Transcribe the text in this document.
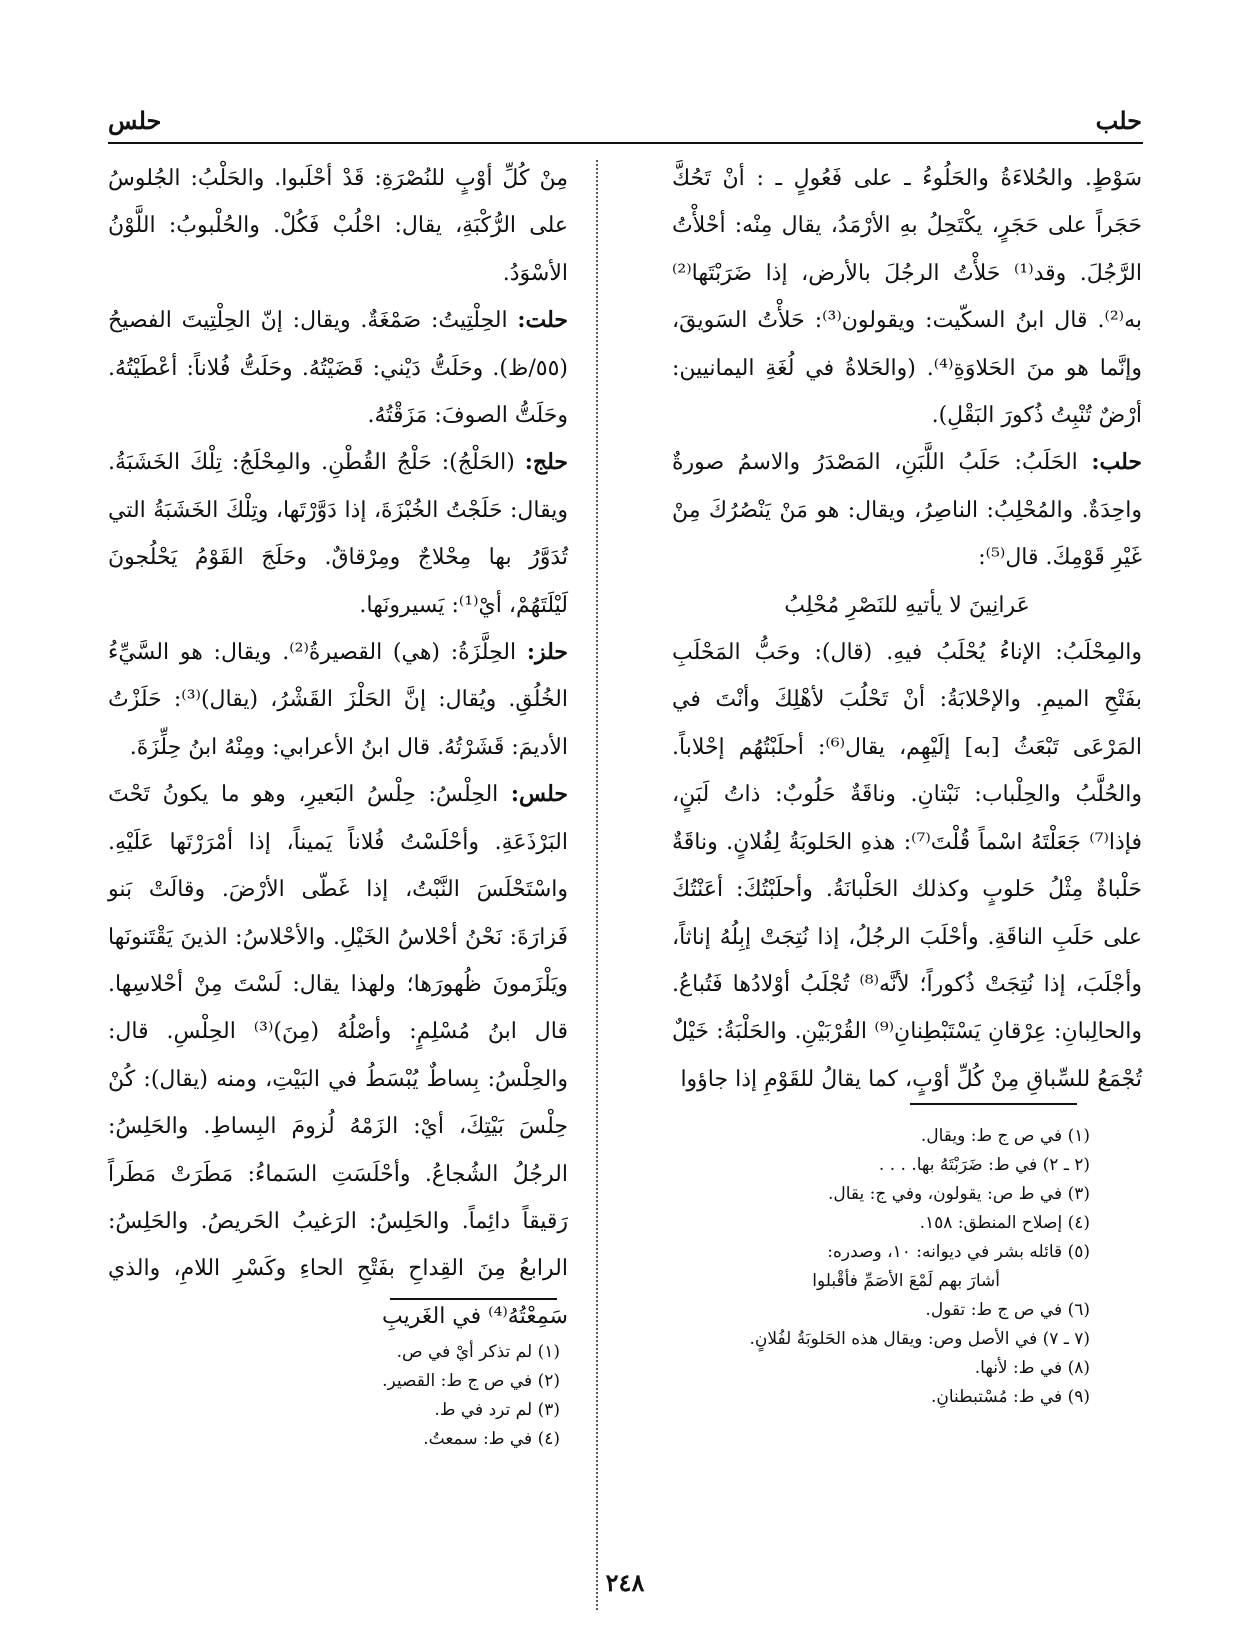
حلب
حلس

سَوْطٍ. والحُلاءَةُ والحَلُوءُ ـ على فَعُولٍ ـ : أنْ تَحُكَّ حَجَراً على حَجَرٍ، يكْتَحِلُ بهِ الأرْمَدُ، يقال مِنْه: أحْلأْتُ الرَّجُلَ. وقد⁽¹⁾ حَلأْتُ الرجُلَ بالأرض، إذا ضَرَبْتَها⁽²⁾ به⁽²⁾. قال ابنُ السكّيت: ويقولون⁽³⁾: حَلأْتُ السَويقَ، وإنَّما هو منَ الحَلاوَةِ⁽⁴⁾. (والحَلاةُ في لُغَةِ اليمانيين: أرْضٌ تُنْبِتُ ذُكورَ البَقْلِ).

حلب: الحَلَبُ: حَلَبُ اللَّبَنِ، المَصْدَرُ والاسمُ صورةٌ واحِدَةٌ. والمُحْلِبُ: الناصِرُ، ويقال: هو مَنْ يَنْصُرُكَ مِنْ غَيْرِ قَوْمِكَ. قال⁽⁵⁾:

عَرانِينَ لا يأتيهِ للنَصْرِ مُحْلِبُ

والمِحْلَبُ: الإناءُ يُحْلَبُ فيهِ. (قال): وحَبُّ المَحْلَبِ بفَتْحِ الميمِ. والإحْلابَةُ: أنْ تَحْلُبَ لأهْلِكَ وأنْتَ في المَرْعَى تَبْعَثُ [به] إلَيْهِم، يقال⁽⁶⁾: أحلَبْتُهُم إحْلاباً. والحُلَّبُ والحِلْباب: نَبْتانِ. وناقَةٌ حَلُوبٌ: ذاتُ لَبَنٍ، فإذا⁽⁷⁾ جَعَلْتَهُ اسْماً قُلْتَ⁽⁷⁾: هذهِ الحَلوبَةُ لِفُلانٍ. وناقَةٌ حَلْباةٌ مِثْلُ حَلوبٍ وكذلك الحَلْبانَةُ. وأحلَبْتُكَ: أعَنْتُكَ على حَلَبِ الناقَةِ. وأحْلَبَ الرجُلُ، إذا نُتِجَتْ إبِلُهُ إناثاً، وأجْلَبَ، إذا نُتِجَتْ ذُكوراً؛ لأنَّه⁽⁸⁾ تُجْلَبُ أوْلادُها فَتُباعُ. والحالِبانِ: عِرْقانِ يَسْتَبْطِنانِ⁽⁹⁾ القُرْبَيْنِ. والحَلْبَةُ: خَيْلٌ تُجْمَعُ للسِّباقِ مِنْ كُلِّ أوْبٍ، كما يقالُ للقَوْمِ إذا جاؤوا

مِنْ كُلِّ أوْبٍ للنُصْرَةِ: قَدْ أحْلَبوا. والحَلْبُ: الجُلوسُ على الرُّكْبَةِ، يقال: احْلُبْ فَكُلْ. والحُلْبوبُ: اللَّوْنُ الأسْوَدُ.

حلت: الحِلْتِيتُ: صَمْغَةٌ. ويقال: إنّ الحِلْتِيتَ الفصيحُ (٥٥/ظ). وحَلَتُّ دَيْني: قَضَيْتُهُ. وحَلَتُّ فُلاناً: أعْطَيْتُهُ. وحَلَتُّ الصوفَ: مَزَقْتُهُ.

حلج: (الحَلْجُ): حَلْجُ القُطْنِ. والمِحْلَجُ: تِلْكَ الخَشَبَةُ. ويقال: حَلَجْتُ الخُبْزَةَ، إذا دَوَّرْتَها، وتِلْكَ الخَشَبَةُ التي تُدَوَّرُ بها مِحْلاجٌ ومِرْقاقٌ. وحَلَجَ القَوْمُ يَحْلُجونَ لَيْلَتَهُمْ، أيْ⁽¹⁾: يَسيرونَها.

حلز: الحِلَّزَةُ: (هي) القصيرةُ⁽²⁾. ويقال: هو السَّيِّءُ الخُلُقِ. ويُقال: إنَّ الحَلْزَ القَشْرُ، (يقال)⁽³⁾: حَلَزْتُ الأديمَ: قَشَرْتُهُ. قال ابنُ الأعرابي: ومِنْهُ ابنُ حِلِّزَةَ.

حلس: الحِلْسُ: حِلْسُ البَعيرِ، وهو ما يكونُ تَحْتَ البَرْذَعَةِ. وأحْلَسْتُ فُلاناً يَميناً، إذا أمْرَرْتَها عَلَيْهِ. واسْتَحْلَسَ النَّبْتُ، إذا غَطّى الأرْضَ. وقالَتْ بَنو فَزارَةَ: نَحْنُ أحْلاسُ الخَيْلِ. والأحْلاسُ: الذينَ يَقْتَنونَها ويَلْزَمونَ ظُهورَها؛ ولهذا يقال: لَسْتَ مِنْ أحْلاسِها. قال ابنُ مُسْلِمٍ: وأصْلُهُ (مِنَ)⁽³⁾ الحِلْسِ. قال: والحِلْسُ: بِساطٌ يُبْسَطُ في البَيْتِ، ومنه (يقال): كُنْ حِلْسَ بَيْتِكَ، أيْ: الزَمْهُ لُزومَ البِساطِ. والحَلِسُ: الرجُلُ الشُجاعُ. وأحْلَسَتِ السَماءُ: مَطَرَتْ مَطَراً رَقيقاً دائِماً. والحَلِسُ: الرَغيبُ الحَريصُ. والحَلِسُ: الرابعُ مِنَ القِداحِ بفَتْحِ الحاءِ وكَسْرِ اللامِ، والذي سَمِعْتُهُ⁽⁴⁾ في الغَريبِ

(١) في ص ج ط: ويقال.
(٢ ـ ٢) في ط: ضَرَبْتَهُ بها. . . .
(٣) في ط ص: يقولون، وفي ج: يقال.
(٤) إصلاح المنطق: ١٥٨.
(٥) قائله بشر في ديوانه: ١٠، وصدره:
أشارَ بهم لَمْعَ الأصَمِّ فأقْبلوا
(٦) في ص ج ط: تقول.
(٧ ـ ٧) في الأصل وص: ويقال هذه الحَلوبَةُ لفُلانٍ.
(٨) في ط: لأنها.
(٩) في ط: مُسْتبطنانِ.
(١) لم تذكر أيْ في ص.
(٢) في ص ج ط: القصير.
(٣) لم ترد في ط.
(٤) في ط: سمعتُ.
٢٤٨
